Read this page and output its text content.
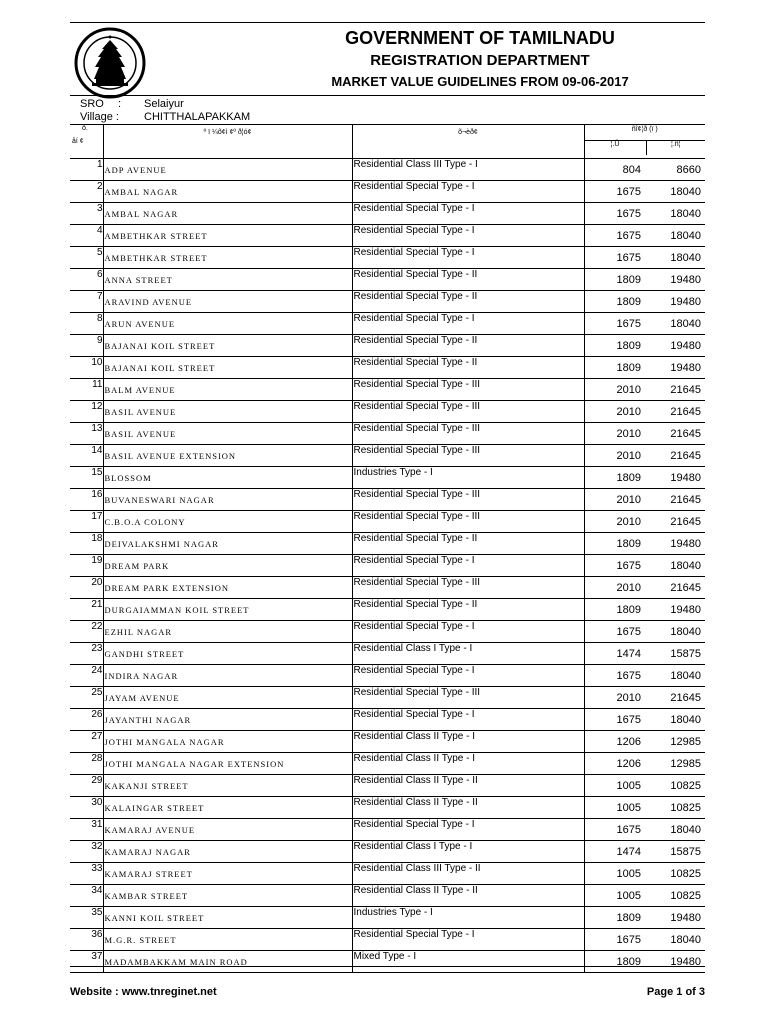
GOVERNMENT OF TAMILNADU
REGISTRATION DEPARTMENT
MARKET VALUE GUIDELINES FROM 09-06-2017
SRO : Selaiyur
Village : CHITTHALAPAKKAM
õ.
åí ¢	º ï ¼õ¢ì ¢º ð¦ó¢	õ¬èð¢	ñî¢¦ð (ï )
¦.Ü ¦.ñ¦	

1	ADP AVENUE	Residential Class III Type - I	804	8660
2	AMBAL NAGAR	Residential Special Type - I	1675	18040
3	AMBAL NAGAR	Residential Special Type - I	1675	18040
4	AMBETHKAR STREET	Residential Special Type - I	1675	18040
5	AMBETHKAR STREET	Residential Special Type - I	1675	18040
6	ANNA STREET	Residential Special Type - II	1809	19480
7	ARAVIND AVENUE	Residential Special Type - II	1809	19480
8	ARUN AVENUE	Residential Special Type - I	1675	18040
9	BAJANAI KOIL STREET	Residential Special Type - II	1809	19480
10	BAJANAI KOIL STREET	Residential Special Type - II	1809	19480
11	BALM AVENUE	Residential Special Type - III	2010	21645
12	BASIL AVENUE	Residential Special Type - III	2010	21645
13	BASIL AVENUE	Residential Special Type - III	2010	21645
14	BASIL AVENUE EXTENSION	Residential Special Type - III	2010	21645
15	BLOSSOM	Industries Type - I	1809	19480
16	BUVANESWARI NAGAR	Residential Special Type - III	2010	21645
17	C.B.O.A COLONY	Residential Special Type - III	2010	21645
18	DEIVALAKSHMI NAGAR	Residential Special Type - II	1809	19480
19	DREAM PARK	Residential Special Type - I	1675	18040
20	DREAM PARK EXTENSION	Residential Special Type - III	2010	21645
21	DURGAIAMMAN KOIL STREET	Residential Special Type - II	1809	19480
22	EZHIL NAGAR	Residential Special Type - I	1675	18040
23	GANDHI STREET	Residential Class I Type - I	1474	15875
24	INDIRA NAGAR	Residential Special Type - I	1675	18040
25	JAYAM AVENUE	Residential Special Type - III	2010	21645
26	JAYANTHI NAGAR	Residential Special Type - I	1675	18040
27	JOTHI MANGALA NAGAR	Residential Class II Type - I	1206	12985
28	JOTHI MANGALA NAGAR EXTENSION	Residential Class II Type - I	1206	12985
29	KAKANJI STREET	Residential Class II Type - II	1005	10825
30	KALAINGAR STREET	Residential Class II Type - II	1005	10825
31	KAMARAJ AVENUE	Residential Special Type - I	1675	18040
32	KAMARAJ NAGAR	Residential Class I Type - I	1474	15875
33	KAMARAJ STREET	Residential Class III Type - II	1005	10825
34	KAMBAR STREET	Residential Class II Type - II	1005	10825
35	KANNI KOIL STREET	Industries Type - I	1809	19480
36	M.G.R. STREET	Residential Special Type - I	1675	18040
37	MADAMBAKKAM MAIN ROAD	Mixed Type - I	1809	19480
Website : www.tnreginet.net	Page 1 of 3
